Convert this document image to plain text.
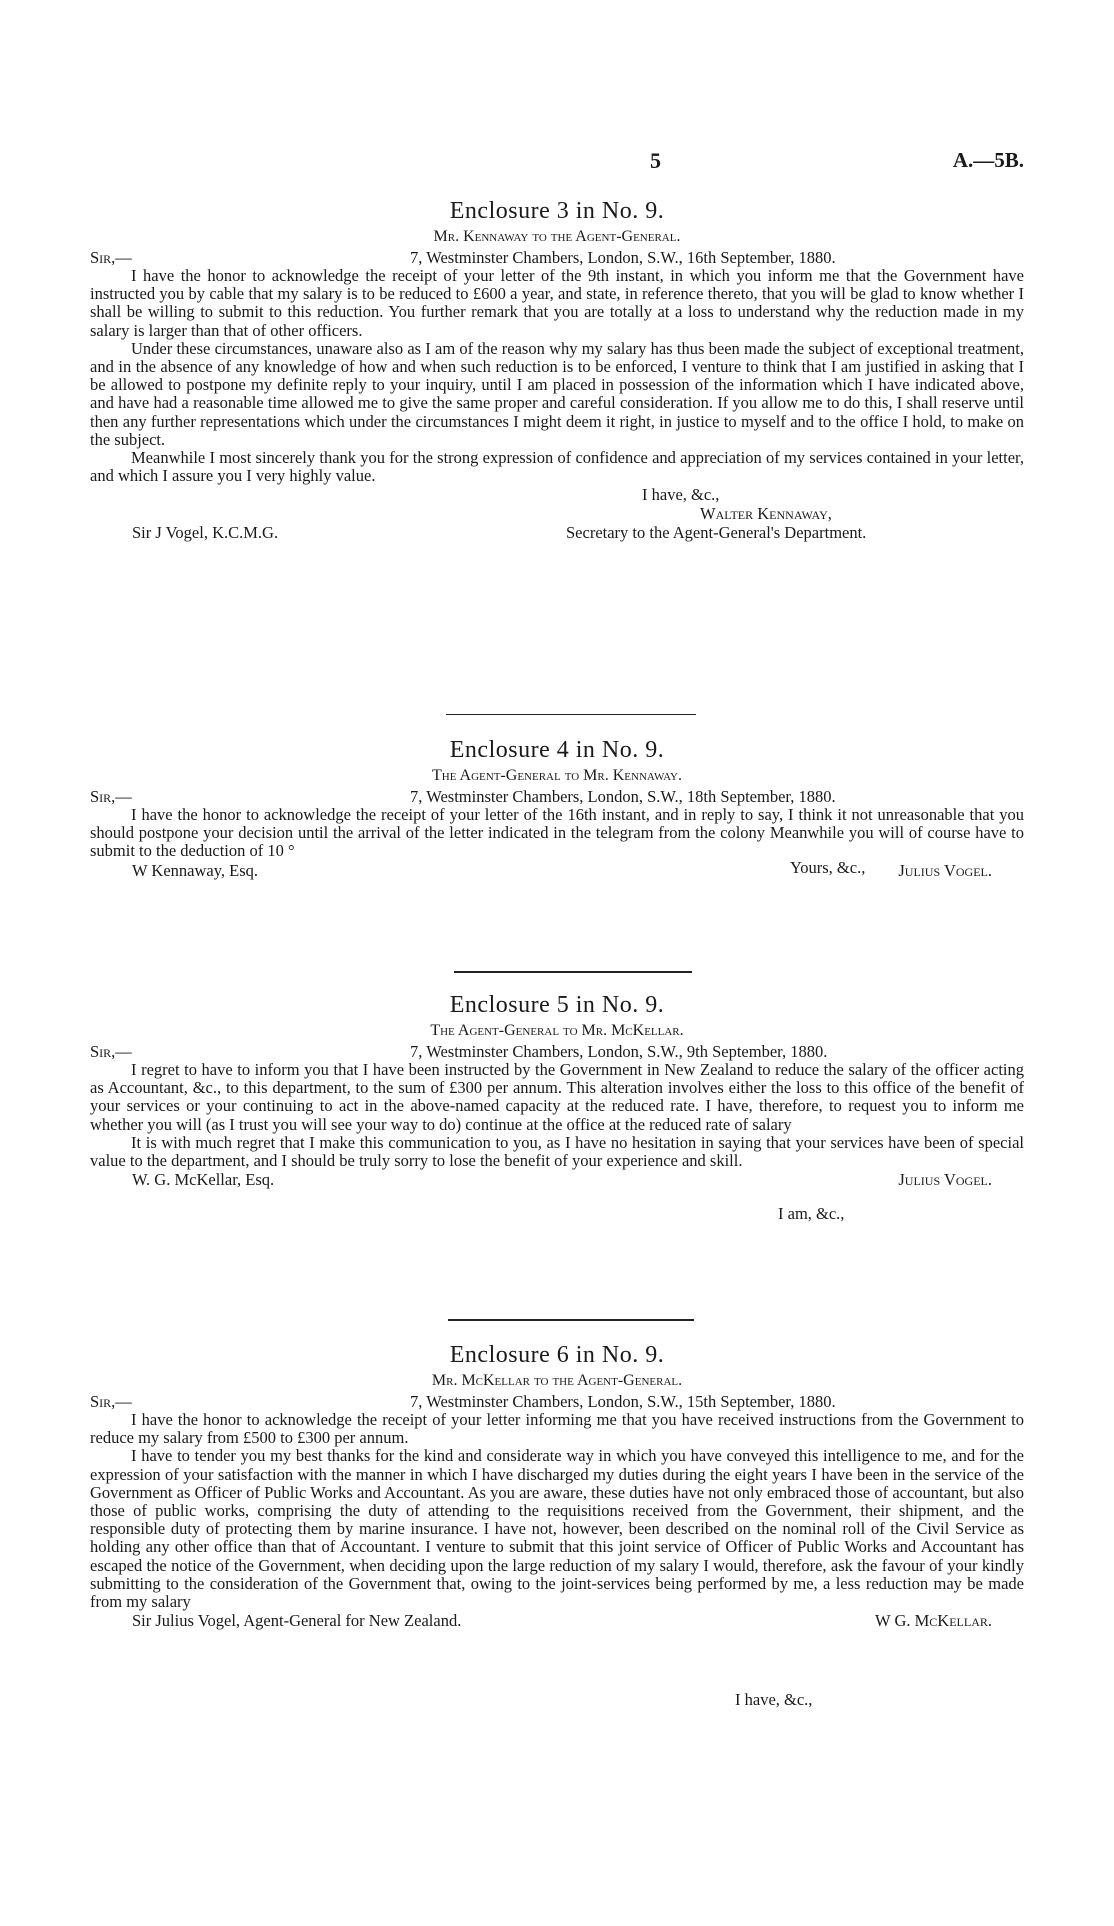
5	A.—5B.
Enclosure 3 in No. 9.
Mr. Kennaway to the Agent-General.
Sir,—	7, Westminster Chambers, London, S.W., 16th September, 1880.

I have the honor to acknowledge the receipt of your letter of the 9th instant, in which you inform me that the Government have instructed you by cable that my salary is to be reduced to £600 a year, and state, in reference thereto, that you will be glad to know whether I shall be willing to submit to this reduction. You further remark that you are totally at a loss to understand why the reduction made in my salary is larger than that of other officers.

Under these circumstances, unaware also as I am of the reason why my salary has thus been made the subject of exceptional treatment, and in the absence of any knowledge of how and when such reduction is to be enforced, I venture to think that I am justified in asking that I be allowed to postpone my definite reply to your inquiry, until I am placed in possession of the information which I have indicated above, and have had a reasonable time allowed me to give the same proper and careful consideration. If you allow me to do this, I shall reserve until then any further representations which under the circumstances I might deem it right, in justice to myself and to the office I hold, to make on the subject.

Meanwhile I most sincerely thank you for the strong expression of confidence and appreciation of my services contained in your letter, and which I assure you I very highly value.

I have, &c.,
Walter Kennaway,
Sir J Vogel, K.C.M.G.	Secretary to the Agent-General's Department.
Enclosure 4 in No. 9.
The Agent-General to Mr. Kennaway.
Sir,—	7, Westminster Chambers, London, S.W., 18th September, 1880.

I have the honor to acknowledge the receipt of your letter of the 16th instant, and in reply to say, I think it not unreasonable that you should postpone your decision until the arrival of the letter indicated in the telegram from the colony Meanwhile you will of course have to submit to the deduction of 10 °

W Kennaway, Esq.	Julius Vogel.
Yours, &c.,
Enclosure 5 in No. 9.
The Agent-General to Mr. McKellar.
Sir,—	7, Westminster Chambers, London, S.W., 9th September, 1880.

I regret to have to inform you that I have been instructed by the Government in New Zealand to reduce the salary of the officer acting as Accountant, &c., to this department, to the sum of £300 per annum. This alteration involves either the loss to this office of the benefit of your services or your continuing to act in the above-named capacity at the reduced rate. I have, therefore, to request you to inform me whether you will (as I trust you will see your way to do) continue at the office at the reduced rate of salary

It is with much regret that I make this communication to you, as I have no hesitation in saying that your services have been of special value to the department, and I should be truly sorry to lose the benefit of your experience and skill.

W. G. McKellar, Esq.	Julius Vogel.
I am, &c.,
Enclosure 6 in No. 9.
Mr. McKellar to the Agent-General.
Sir,—	7, Westminster Chambers, London, S.W., 15th September, 1880.

I have the honor to acknowledge the receipt of your letter informing me that you have received instructions from the Government to reduce my salary from £500 to £300 per annum.

I have to tender you my best thanks for the kind and considerate way in which you have conveyed this intelligence to me, and for the expression of your satisfaction with the manner in which I have discharged my duties during the eight years I have been in the service of the Government as Officer of Public Works and Accountant. As you are aware, these duties have not only embraced those of accountant, but also those of public works, comprising the duty of attending to the requisitions received from the Government, their shipment, and the responsible duty of protecting them by marine insurance. I have not, however, been described on the nominal roll of the Civil Service as holding any other office than that of Accountant. I venture to submit that this joint service of Officer of Public Works and Accountant has escaped the notice of the Government, when deciding upon the large reduction of my salary I would, therefore, ask the favour of your kindly submitting to the consideration of the Government that, owing to the joint-services being performed by me, a less reduction may be made from my salary

Sir Julius Vogel, Agent-General for New Zealand.	W G. McKellar.
I have, &c.,
